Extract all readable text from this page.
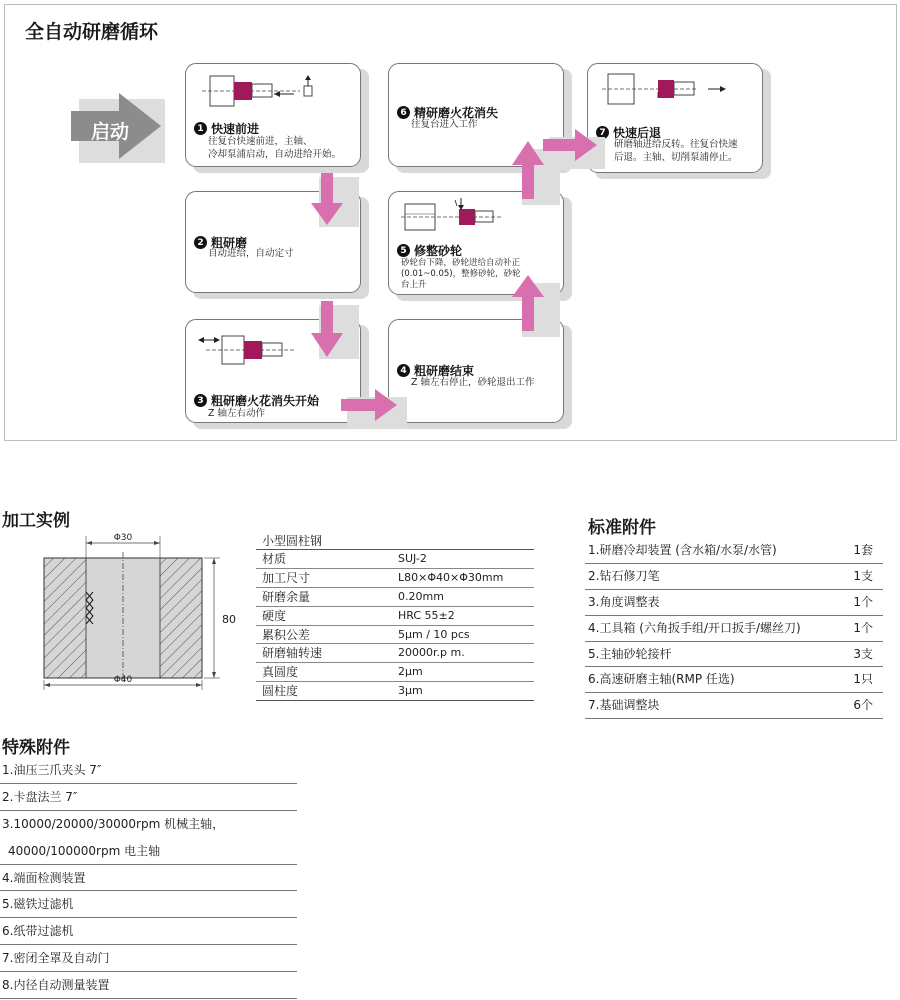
全自动研磨循环
启动	1 快速前进
往复台快速前进，主轴、
冷却泵浦启动，自动进给开始。
2 粗研磨
自动进给，自动定寸
3 粗研磨火花消失开始
Z 轴左右动作
4 粗研磨结束
Z 轴左右停止，砂轮退出工作
5 修整砂轮
砂轮台下降，砂轮进给自动补正
(0.01~0.05)，整修砂轮，砂轮
台上升
6 精研磨火花消失
往复台进入工作
7 快速后退
研磨轴进给反转。往复台快速
后退。主轴、切削泵浦停止。
加工实例
Φ30
80
Φ40
小型圆柱钢
材质	SUJ-2
加工尺寸	L80×Φ40×Φ30mm
研磨余量	0.20mm
硬度	HRC 55±2
累积公差	5μm / 10 pcs
研磨轴转速	20000r.p m.
真圆度	2μm
圆柱度	3μm
标准附件
1.研磨冷却装置 (含水箱/水泵/水管)	1套
2.钻石修刀笔	1支
3.角度调整表	1个
4.工具箱 (六角扳手组/开口扳手/螺丝刀)	1个
5.主轴砂轮接杆	3支
6.高速研磨主轴(RMP 任选)	1只
7.基础调整块	6个
特殊附件
1.油压三爪夹头 7″
2.卡盘法兰 7″
3.10000/20000/30000rpm 机械主轴，
40000/100000rpm 电主轴
4.端面检测装置
5.磁铁过滤机
6.纸带过滤机
7.密闭全罩及自动门
8.内径自动测量装置
